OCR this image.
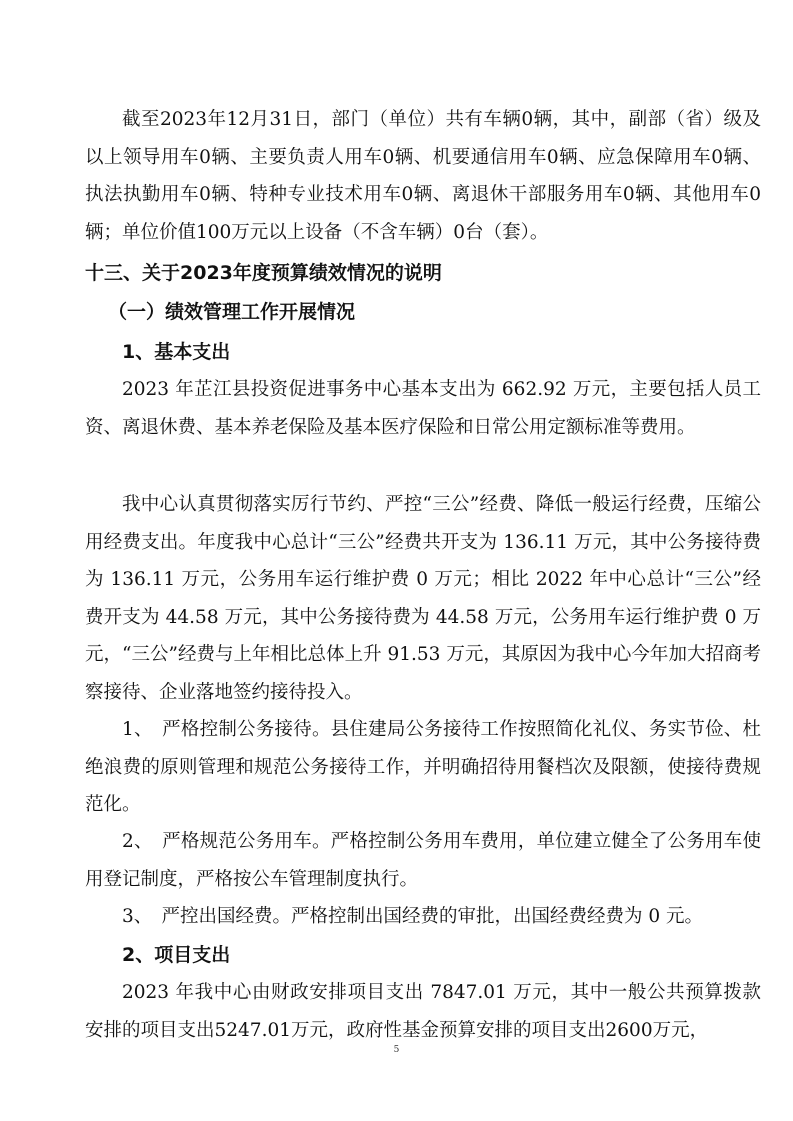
截至2023年12月31日，部门（单位）共有车辆0辆，其中，副部（省）级及以上领导用车0辆、主要负责人用车0辆、机要通信用车0辆、应急保障用车0辆、执法执勤用车0辆、特种专业技术用车0辆、离退休干部服务用车0辆、其他用车0辆；单位价值100万元以上设备（不含车辆）0台（套）。

十三、关于2023年度预算绩效情况的说明
（一）绩效管理工作开展情况
1、基本支出

2023 年芷江县投资促进事务中心基本支出为 662.92 万元，主要包括人员工资、离退休费、基本养老保险及基本医疗保险和日常公用定额标准等费用。

我中心认真贯彻落实厉行节约、严控“三公”经费、降低一般运行经费，压缩公用经费支出。年度我中心总计“三公”经费共开支为 136.11 万元，其中公务接待费为 136.11 万元，公务用车运行维护费 0 万元；相比 2022 年中心总计“三公”经费开支为 44.58 万元，其中公务接待费为 44.58 万元，公务用车运行维护费 0 万元，“三公”经费与上年相比总体上升 91.53 万元，其原因为我中心今年加大招商考察接待、企业落地签约接待投入。

1、　严格控制公务接待。县住建局公务接待工作按照简化礼仪、务实节俭、杜绝浪费的原则管理和规范公务接待工作，并明确招待用餐档次及限额，使接待费规范化。

2、　严格规范公务用车。严格控制公务用车费用，单位建立健全了公务用车使用登记制度，严格按公车管理制度执行。

3、　严控出国经费。严格控制出国经费的审批，出国经费经费为 0 元。

2、项目支出

2023 年我中心由财政安排项目支出 7847.01 万元，其中一般公共预算拨款安排的项目支出5247.01万元，政府性基金预算安排的项目支出2600万元，

5
